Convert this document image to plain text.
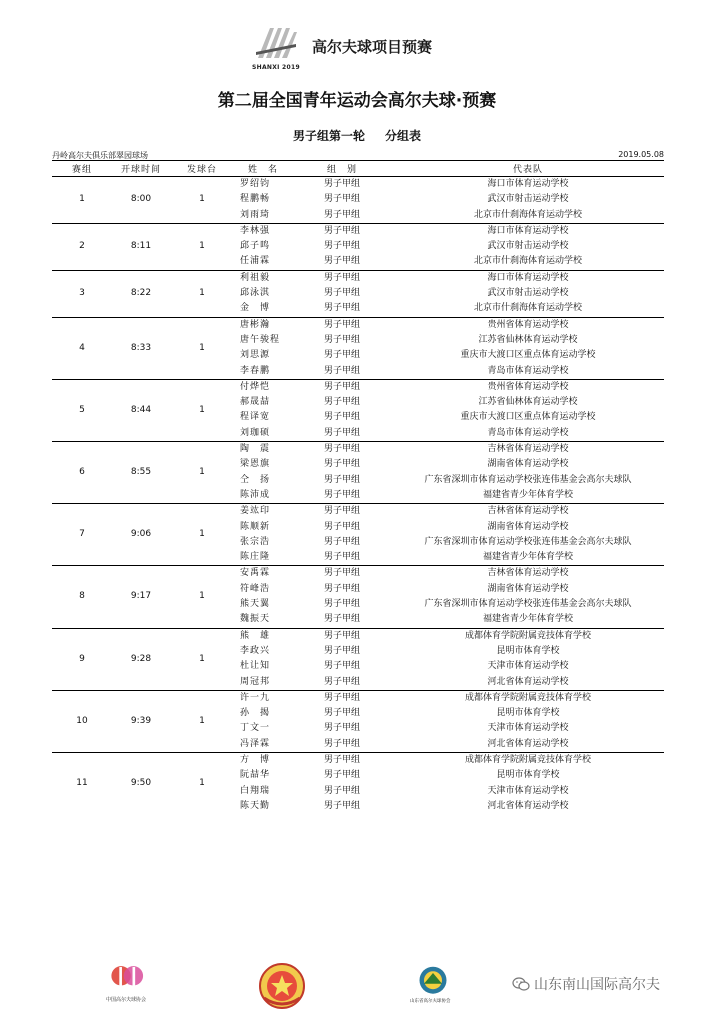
SHANXI 2019
高尔夫球项目预赛
第二届全国青年运动会高尔夫球·预赛
男子组第一轮 分组表
丹岭高尔夫俱乐部翠园球场	2019.05.08
赛组	开球时间	发球台	姓　名	组　别	代表队
1	8:00	1	罗绍钧	男子甲组	海口市体育运动学校
			程鹏畅	男子甲组	武汉市射击运动学校
			刘雨琦	男子甲组	北京市什刹海体育运动学校
2	8:11	1	李林强	男子甲组	海口市体育运动学校
			邱子鸣	男子甲组	武汉市射击运动学校
			任浦霖	男子甲组	北京市什刹海体育运动学校
3	8:22	1	利祖毅	男子甲组	海口市体育运动学校
			邱泳淇	男子甲组	武汉市射击运动学校
			金　博	男子甲组	北京市什刹海体育运动学校
4	8:33	1	唐彬瀚	男子甲组	贵州省体育运动学校
			唐午骏程	男子甲组	江苏省仙林体育运动学校
			刘思源	男子甲组	重庆市大渡口区重点体育运动学校
			李春鹏	男子甲组	青岛市体育运动学校
5	8:44	1	付烨恺	男子甲组	贵州省体育运动学校
			郝晟喆	男子甲组	江苏省仙林体育运动学校
			程译宽	男子甲组	重庆市大渡口区重点体育运动学校
			刘珈硕	男子甲组	青岛市体育运动学校
6	8:55	1	陶　震	男子甲组	吉林省体育运动学校
			梁恩旗	男子甲组	湖南省体育运动学校
			仝　扬	男子甲组	广东省深圳市体育运动学校张连伟基金会高尔夫球队
			陈沛成	男子甲组	福建省青少年体育学校
7	9:06	1	姜竑印	男子甲组	吉林省体育运动学校
			陈顺新	男子甲组	湖南省体育运动学校
			张宗浩	男子甲组	广东省深圳市体育运动学校张连伟基金会高尔夫球队
			陈庄隆	男子甲组	福建省青少年体育学校
8	9:17	1	安禹霖	男子甲组	吉林省体育运动学校
			符峰浩	男子甲组	湖南省体育运动学校
			熊天翼	男子甲组	广东省深圳市体育运动学校张连伟基金会高尔夫球队
			魏振天	男子甲组	福建省青少年体育学校
9	9:28	1	熊　雄	男子甲组	成都体育学院附属竞技体育学校
			李政兴	男子甲组	昆明市体育学校
			杜让知	男子甲组	天津市体育运动学校
			周冠邦	男子甲组	河北省体育运动学校
10	9:39	1	许一九	男子甲组	成都体育学院附属竞技体育学校
			孙　揭	男子甲组	昆明市体育学校
			丁文一	男子甲组	天津市体育运动学校
			冯泽霖	男子甲组	河北省体育运动学校
11	9:50	1	方　博	男子甲组	成都体育学院附属竞技体育学校
			阮喆华	男子甲组	昆明市体育学校
			白翔瑞	男子甲组	天津市体育运动学校
			陈天勤	男子甲组	河北省体育运动学校
中国高尔夫球协会	山东省高尔夫球协会
山东南山国际高尔夫
